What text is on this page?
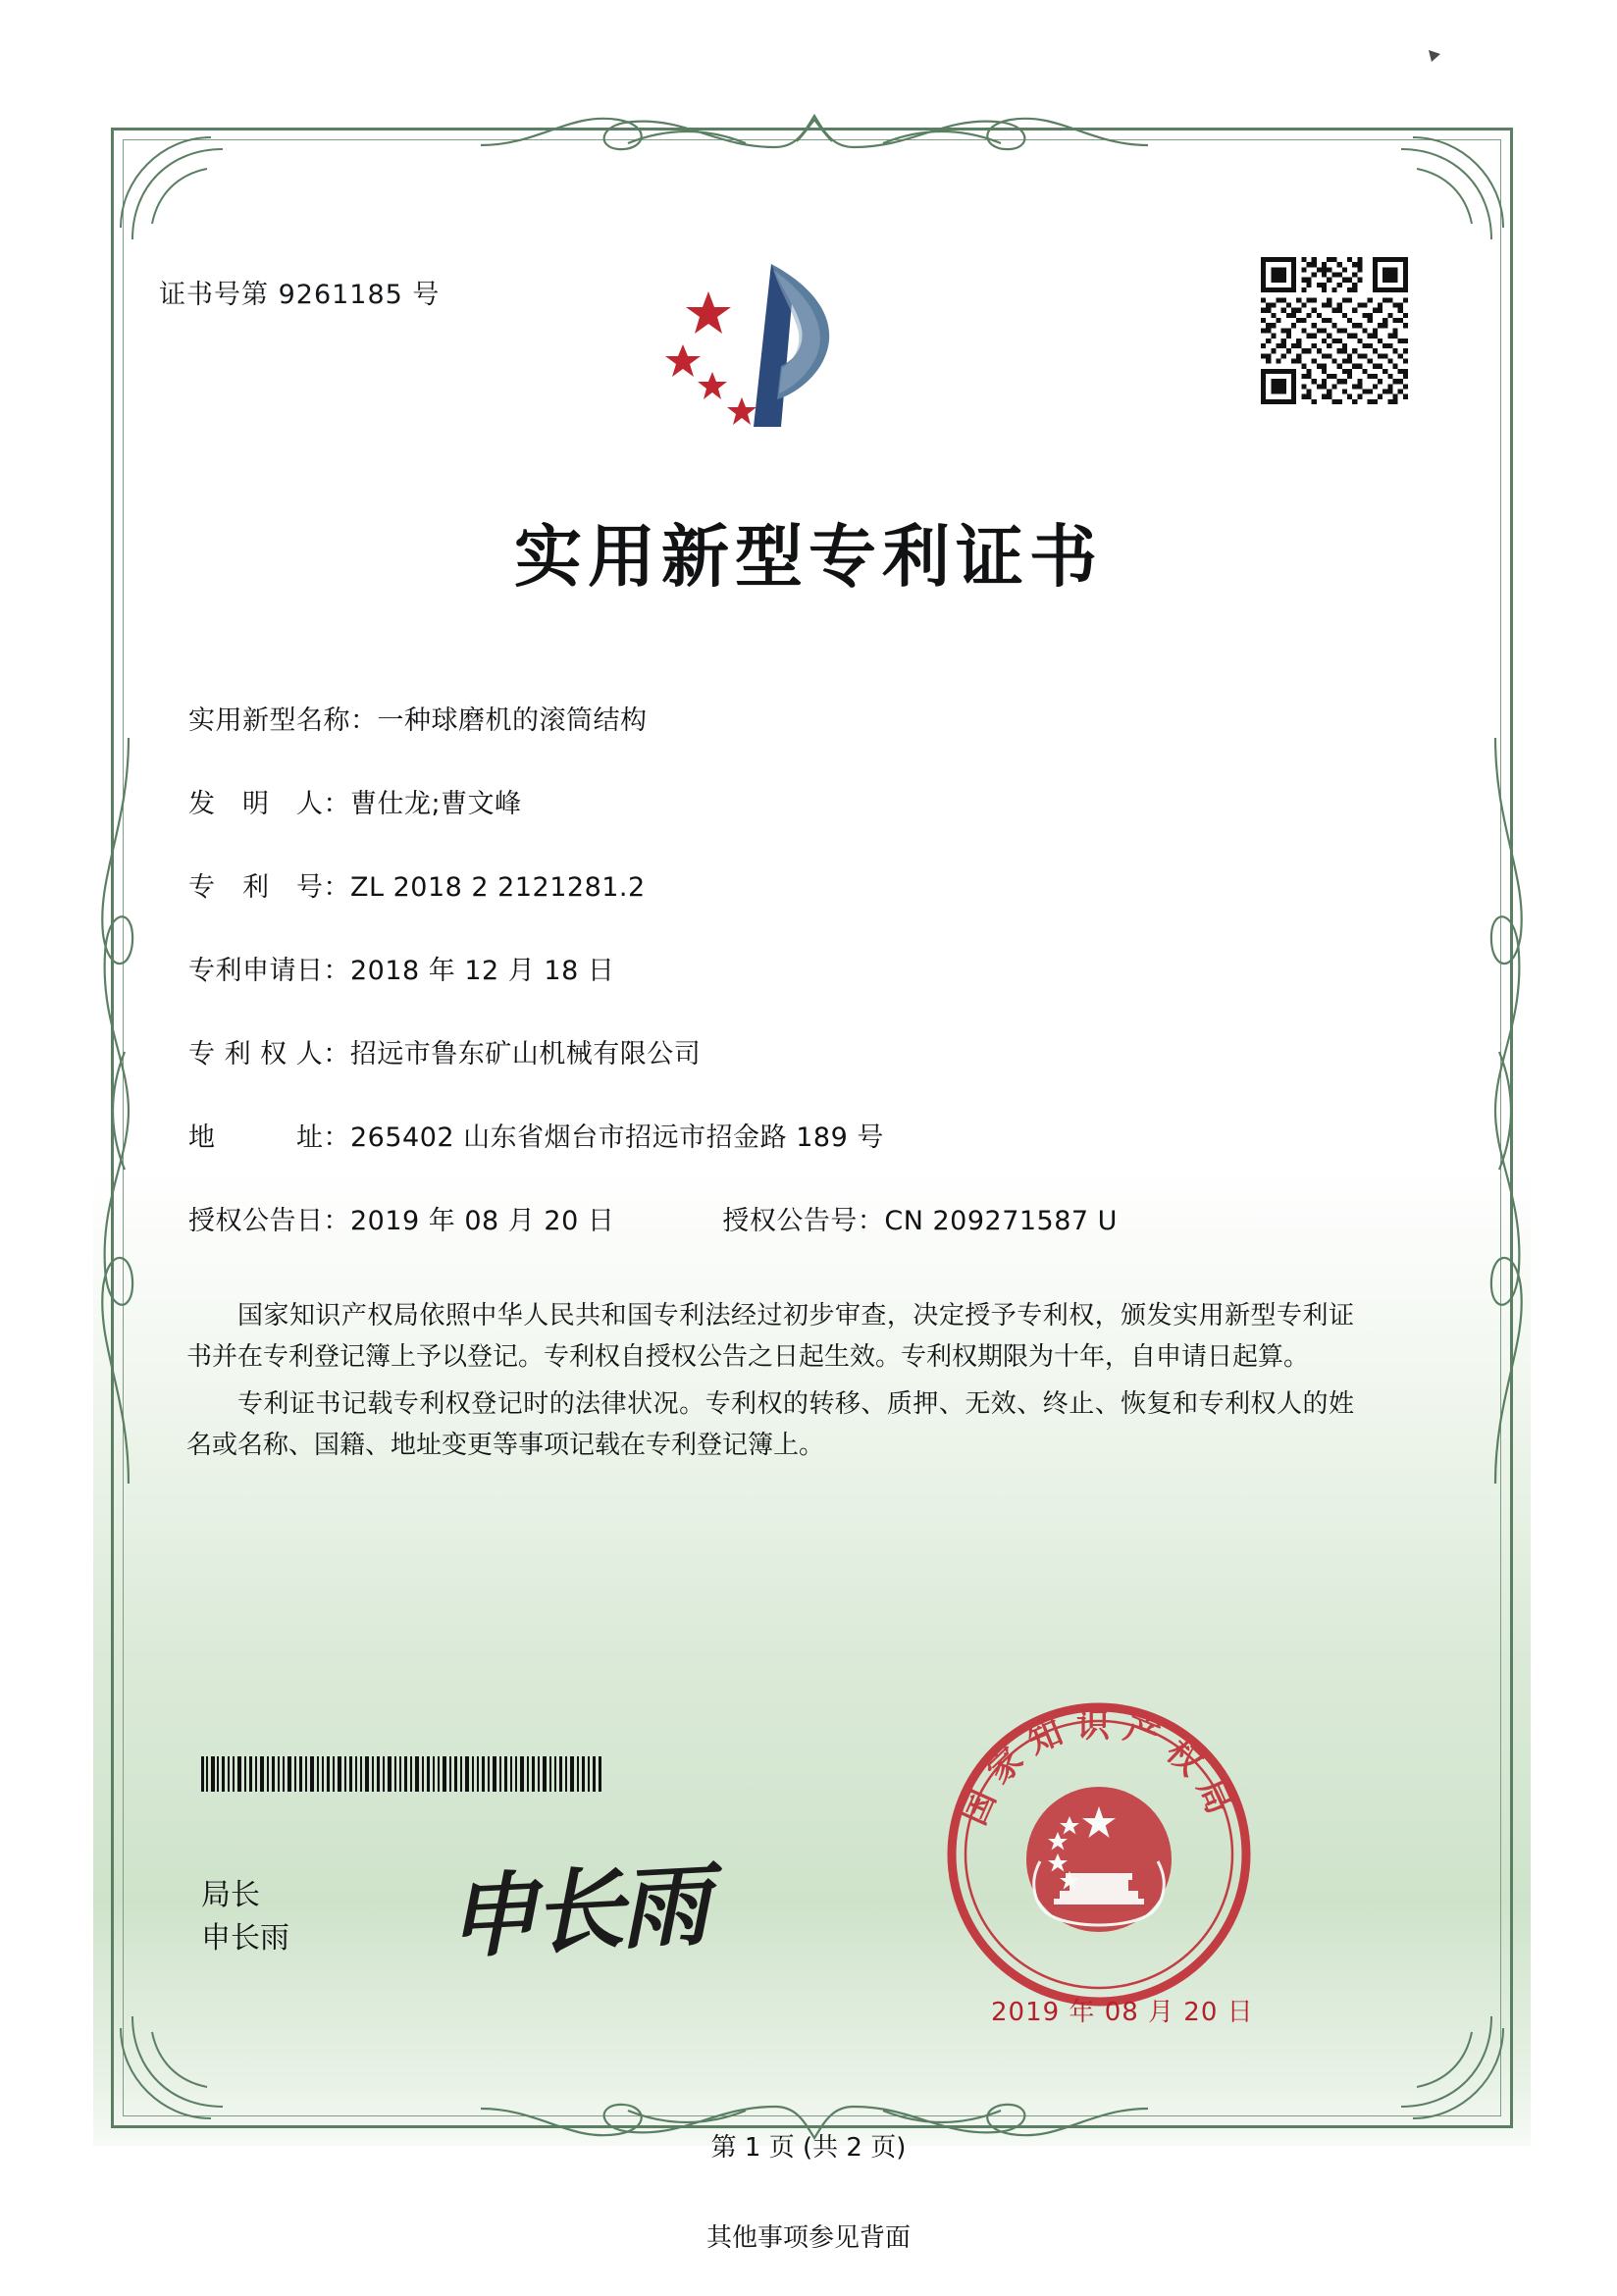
证书号第 9261185 号
实用新型专利证书
实用新型名称： 一种球磨机的滚筒结构
发　明　人： 曹仕龙;曹文峰
专　利　号： ZL 2018 2 2121281.2
专利申请日： 2018 年 12 月 18 日
专 利 权 人： 招远市鲁东矿山机械有限公司
地　　　址： 265402 山东省烟台市招远市招金路 189 号
授权公告日： 2019 年 08 月 20 日	授权公告号： CN 209271587 U

国家知识产权局依照中华人民共和国专利法经过初步审查，决定授予专利权，颁发实用新型专利证书并在专利登记簿上予以登记。专利权自授权公告之日起生效。专利权期限为十年，自申请日起算。

专利证书记载专利权登记时的法律状况。专利权的转移、质押、无效、终止、恢复和专利权人的姓名或名称、国籍、地址变更等事项记载在专利登记簿上。

局长
申长雨 申长雨
国家知识产权局
2019 年 08 月 20 日
第 1 页 (共 2 页)
其他事项参见背面
